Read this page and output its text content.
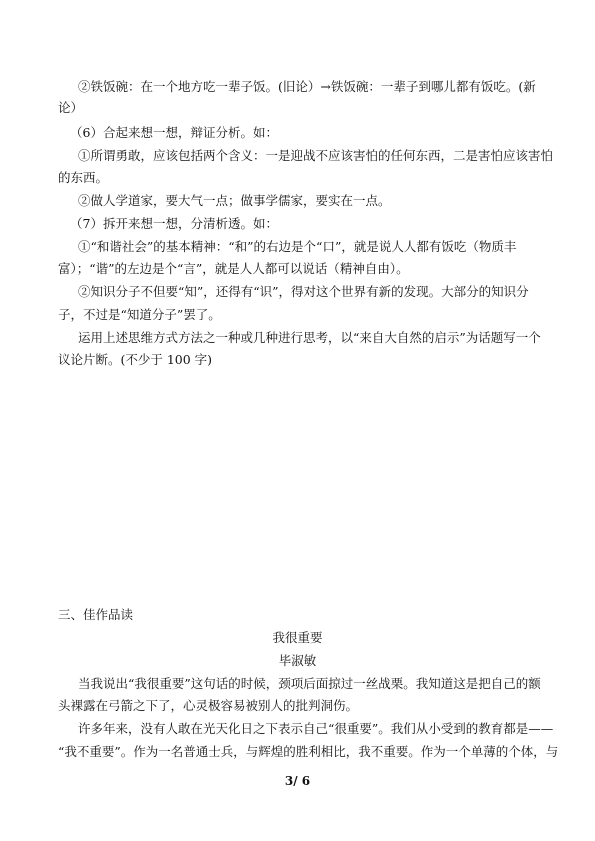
②铁饭碗：在一个地方吃一辈子饭。(旧论）→铁饭碗：一辈子到哪儿都有饭吃。(新
论）
（6）合起来想一想，辩证分析。如：
①所谓勇敢，应该包括两个含义：一是迎战不应该害怕的任何东西，二是害怕应该害怕
的东西。
②做人学道家，要大气一点；做事学儒家，要实在一点。
（7）拆开来想一想，分清析透。如：
①“和谐社会”的基本精神：“和”的右边是个“口”，就是说人人都有饭吃（物质丰
富）；“谐”的左边是个“言”，就是人人都可以说话（精神自由）。
②知识分子不但要“知”，还得有“识”，得对这个世界有新的发现。大部分的知识分
子，不过是“知道分子”罢了。
运用上述思维方式方法之一种或几种进行思考，以“来自大自然的启示”为话题写一个
议论片断。(不少于 100 字)
三、佳作品读
我很重要
毕淑敏
当我说出“我很重要”这句话的时候，颈项后面掠过一丝战栗。我知道这是把自己的额
头裸露在弓箭之下了，心灵极容易被别人的批判洞伤。
许多年来，没有人敢在光天化日之下表示自己“很重要”。我们从小受到的教育都是——
“我不重要”。作为一名普通士兵，与辉煌的胜利相比，我不重要。作为一个单薄的个体，与
3/ 6
